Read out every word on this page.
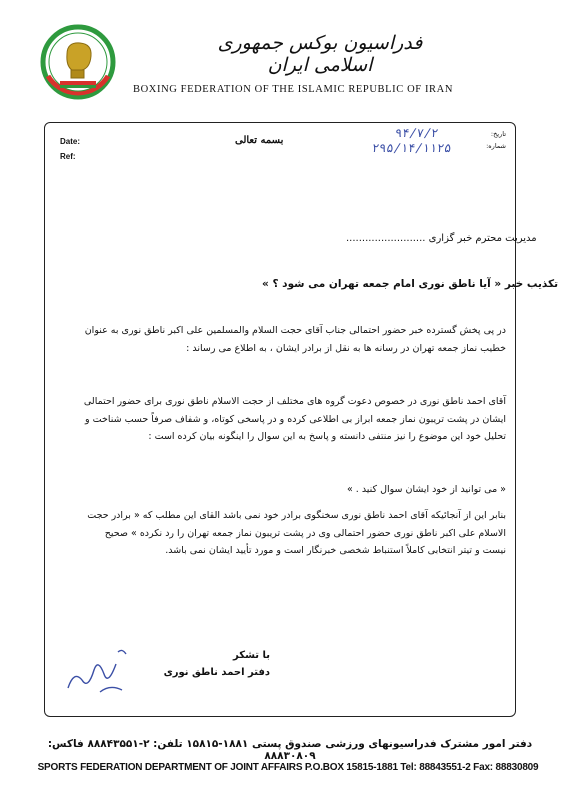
فدراسیون بوکس جمهوری اسلامی ایران
BOXING FEDERATION OF THE ISLAMIC REPUBLIC OF IRAN
Date:
Ref:
تاریخ:
شماره:
۹۴/۷/۲
۲۹۵/۱۴/۱۱۲۵
بسمه تعالی
مدیریت محترم خبر گزاری .........................
تکذیب خبر « آیا ناطق نوری امام جمعه تهران می شود ؟ »
در پی پخش گسترده خبر حضور احتمالی جناب آقای حجت السلام والمسلمین علی اکبر ناطق نوری به عنوان خطیب نماز جمعه تهران در رسانه ها به نقل از برادر ایشان ، به اطلاع می رساند :
آقای احمد ناطق نوری در خصوص دعوت گروه های مختلف از حجت الاسلام ناطق نوری برای حضور احتمالی ایشان در پشت تریبون نماز جمعه ابراز بی اطلاعی کرده و در پاسخی کوتاه، و شفاف صرفاً حسب شناخت و تحلیل خود این موضوع را نیز منتفی دانسته و پاسخ به این سوال را اینگونه بیان کرده است :
« می توانید از خود ایشان سوال کنید . »
بنابر این از آنجائیکه آقای احمد ناطق نوری سخنگوی برادر خود نمی باشد القای این مطلب که « برادر حجت الاسلام علی اکبر ناطق نوری حضور احتمالی وی در پشت تریبون نماز جمعه تهران را رد نکرده » صحیح نیست و تیتر انتخابی کاملاً استنباط شخصی خبرنگار است و مورد تأیید ایشان نمی باشد.
با تشکر
دفتر احمد ناطق نوری
دفتر امور مشترک فدراسیونهای ورزشی صندوق پستی ۱۸۸۱-۱۵۸۱۵ تلفن: ۲-۸۸۸۴۳۵۵۱ فاکس: ۸۸۸۳۰۸۰۹
SPORTS FEDERATION DEPARTMENT OF JOINT AFFAIRS P.O.BOX 15815-1881 Tel: 88843551-2 Fax: 88830809
